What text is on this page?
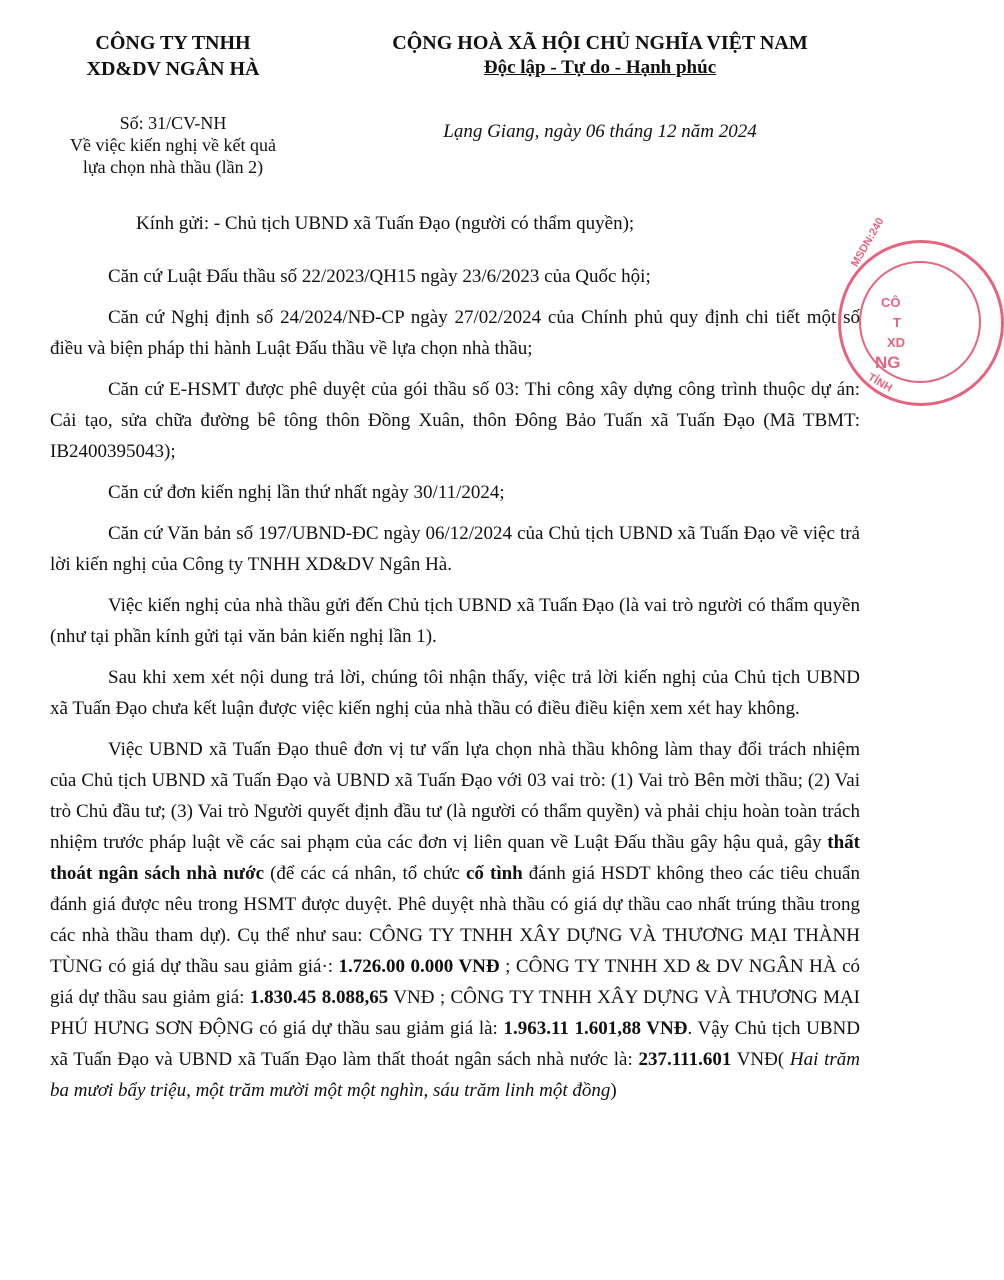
CÔNG TY TNHH
XD&DV NGÂN HÀ
Số: 31/CV-NH
Về việc kiến nghị về kết quả
lựa chọn nhà thầu (lần 2)
CỘNG HOÀ XÃ HỘI CHỦ NGHĨA VIỆT NAM
Độc lập - Tự do - Hạnh phúc
Lạng Giang, ngày 06 tháng 12 năm 2024
MSDN:240
CÔ
T
XD
NG
TỈNH

Kính gửi: - Chủ tịch UBND xã Tuấn Đạo (người có thẩm quyền);

Căn cứ Luật Đấu thầu số 22/2023/QH15 ngày 23/6/2023 của Quốc hội;

Căn cứ Nghị định số 24/2024/NĐ-CP ngày 27/02/2024 của Chính phủ quy định chi tiết một số điều và biện pháp thi hành Luật Đấu thầu về lựa chọn nhà thầu;

Căn cứ E-HSMT được phê duyệt của gói thầu số 03: Thi công xây dựng công trình thuộc dự án: Cải tạo, sửa chữa đường bê tông thôn Đồng Xuân, thôn Đông Bảo Tuấn xã Tuấn Đạo (Mã TBMT: IB2400395043);

Căn cứ đơn kiến nghị lần thứ nhất ngày 30/11/2024;

Căn cứ Văn bản số 197/UBND-ĐC ngày 06/12/2024 của Chủ tịch UBND xã Tuấn Đạo về việc trả lời kiến nghị của Công ty TNHH XD&DV Ngân Hà.

Việc kiến nghị của nhà thầu gửi đến Chủ tịch UBND xã Tuấn Đạo (là vai trò người có thẩm quyền (như tại phần kính gửi tại văn bản kiến nghị lần 1).

Sau khi xem xét nội dung trả lời, chúng tôi nhận thấy, việc trả lời kiến nghị của Chủ tịch UBND xã Tuấn Đạo chưa kết luận được việc kiến nghị của nhà thầu có điều điều kiện xem xét hay không.

Việc UBND xã Tuấn Đạo thuê đơn vị tư vấn lựa chọn nhà thầu không làm thay đổi trách nhiệm của Chủ tịch UBND xã Tuấn Đạo và UBND xã Tuấn Đạo với 03 vai trò: (1) Vai trò Bên mời thầu; (2) Vai trò Chủ đầu tư; (3) Vai trò Người quyết định đầu tư (là người có thẩm quyền) và phải chịu hoàn toàn trách nhiệm trước pháp luật về các sai phạm của các đơn vị liên quan về Luật Đấu thầu gây hậu quả, gây thất thoát ngân sách nhà nước (để các cá nhân, tổ chức cố tình đánh giá HSDT không theo các tiêu chuẩn đánh giá được nêu trong HSMT được duyệt. Phê duyệt nhà thầu có giá dự thầu cao nhất trúng thầu trong các nhà thầu tham dự). Cụ thể như sau: CÔNG TY TNHH XÂY DỰNG VÀ THƯƠNG MẠI THÀNH TÙNG có giá dự thầu sau giảm giá·: 1.726.00 0.000 VNĐ ; CÔNG TY TNHH XD & DV NGÂN HÀ có giá dự thầu sau giảm giá: 1.830.45 8.088,65 VNĐ ; CÔNG TY TNHH XÂY DỰNG VÀ THƯƠNG MẠI PHÚ HƯNG SƠN ĐỘNG có giá dự thầu sau giảm giá là: 1.963.11 1.601,88 VNĐ. Vậy Chủ tịch UBND xã Tuấn Đạo và UBND xã Tuấn Đạo làm thất thoát ngân sách nhà nước là: 237.111.601 VNĐ( Hai trăm ba mươi bẩy triệu, một trăm mười một một nghìn, sáu trăm linh một đồng)
